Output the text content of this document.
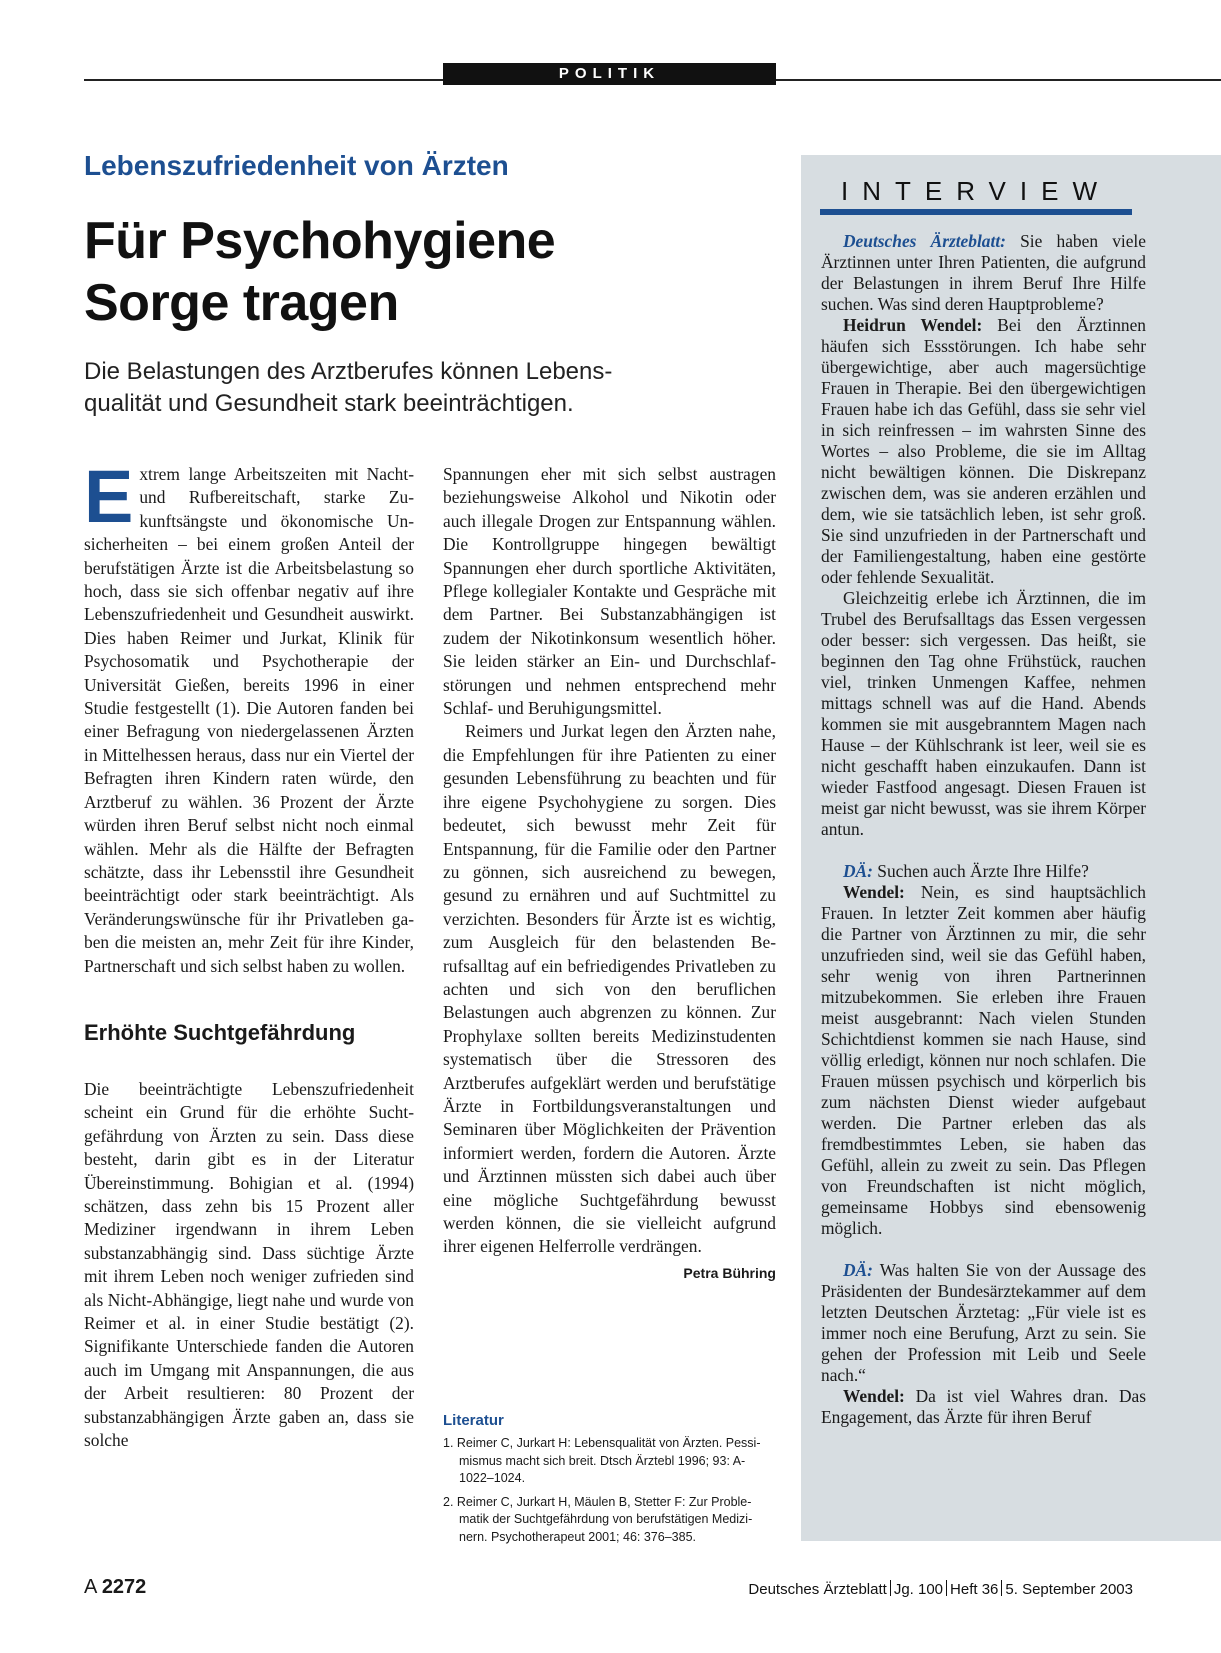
POLITIK
Lebenszufriedenheit von Ärzten
Für Psychohygiene Sorge tragen
Die Belastungen des Arztberufes können Lebensqualität und Gesundheit stark beeinträchtigen.

Extrem lange Arbeitszeiten mit Nacht- und Rufbereitschaft, starke Zukunftsängste und ökonomische Unsicherheiten – bei einem großen Anteil der berufstätigen Ärzte ist die Arbeitsbelastung so hoch, dass sie sich offenbar negativ auf ihre Lebenszufriedenheit und Gesundheit auswirkt. Dies haben Reimer und Jurkat, Klinik für Psychosomatik und Psychotherapie der Universität Gießen, bereits 1996 in einer Studie festgestellt (1). Die Autoren fanden bei einer Befragung von niedergelassenen Ärzten in Mittelhessen heraus, dass nur ein Viertel der Befragten ihren Kindern raten würde, den Arztberuf zu wählen. 36 Prozent der Ärzte würden ihren Beruf selbst nicht noch einmal wählen. Mehr als die Hälfte der Befragten schätzte, dass ihr Lebensstil ihre Gesundheit beeinträchtigt oder stark beeinträchtigt. Als Veränderungswünsche für ihr Privatleben gaben die meisten an, mehr Zeit für ihre Kinder, Partnerschaft und sich selbst haben zu wollen.

Erhöhte Suchtgefährdung

Die beeinträchtigte Lebenszufriedenheit scheint ein Grund für die erhöhte Suchtgefährdung von Ärzten zu sein. Dass diese besteht, darin gibt es in der Literatur Übereinstimmung. Bohigian et al. (1994) schätzen, dass zehn bis 15 Prozent aller Mediziner irgendwann in ihrem Leben substanzabhängig sind. Dass süchtige Ärzte mit ihrem Leben noch weniger zufrieden sind als Nicht-Abhängige, liegt nahe und wurde von Reimer et al. in einer Studie bestätigt (2). Signifikante Unterschiede fanden die Autoren auch im Umgang mit Anspannungen, die aus der Arbeit resultieren: 80 Prozent der substanzabhängigen Ärzte gaben an, dass sie solche

Spannungen eher mit sich selbst austragen beziehungsweise Alkohol und Nikotin oder auch illegale Drogen zur Entspannung wählen. Die Kontrollgruppe hingegen bewältigt Spannungen eher durch sportliche Aktivitäten, Pflege kollegialer Kontakte und Gespräche mit dem Partner. Bei Substanzabhängigen ist zudem der Nikotinkonsum wesentlich höher. Sie leiden stärker an Ein- und Durchschlafstörungen und nehmen entsprechend mehr Schlaf- und Beruhigungsmittel.

Reimers und Jurkat legen den Ärzten nahe, die Empfehlungen für ihre Patienten zu einer gesunden Lebensführung zu beachten und für ihre eigene Psychohygiene zu sorgen. Dies bedeutet, sich bewusst mehr Zeit für Entspannung, für die Familie oder den Partner zu gönnen, sich ausreichend zu bewegen, gesund zu ernähren und auf Suchtmittel zu verzichten. Besonders für Ärzte ist es wichtig, zum Ausgleich für den belastenden Berufsalltag auf ein befriedigendes Privatleben zu achten und sich von den beruflichen Belastungen auch abgrenzen zu können. Zur Prophylaxe sollten bereits Medizinstudenten systematisch über die Stressoren des Arztberufes aufgeklärt werden und berufstätige Ärzte in Fortbildungsveranstaltungen und Seminaren über Möglichkeiten der Prävention informiert werden, fordern die Autoren. Ärzte und Ärztinnen müssten sich dabei auch über eine mögliche Suchtgefährdung bewusst werden können, die sie vielleicht aufgrund ihrer eigenen Helferrolle verdrängen.
Petra Bühring

Literatur
1. Reimer C, Jurkart H: Lebensqualität von Ärzten. Pessimismus macht sich breit. Dtsch Ärztebl 1996; 93: A-1022–1024.
2. Reimer C, Jurkart H, Mäulen B, Stetter F: Zur Problematik der Suchtgefährdung von berufstätigen Medizinern. Psychotherapeut 2001; 46: 376–385.
INTERVIEW

Deutsches Ärzteblatt: Sie haben viele Ärztinnen unter Ihren Patienten, die aufgrund der Belastungen in ihrem Beruf Ihre Hilfe suchen. Was sind deren Hauptprobleme?

Heidrun Wendel: Bei den Ärztinnen häufen sich Essstörungen. Ich habe sehr übergewichtige, aber auch magersüchtige Frauen in Therapie. Bei den übergewichtigen Frauen habe ich das Gefühl, dass sie sehr viel in sich reinfressen – im wahrsten Sinne des Wortes – also Probleme, die sie im Alltag nicht bewältigen können. Die Diskrepanz zwischen dem, was sie anderen erzählen und dem, wie sie tatsächlich leben, ist sehr groß. Sie sind unzufrieden in der Partnerschaft und der Familiengestaltung, haben eine gestörte oder fehlende Sexualität.

Gleichzeitig erlebe ich Ärztinnen, die im Trubel des Berufsalltags das Essen vergessen oder besser: sich vergessen. Das heißt, sie beginnen den Tag ohne Frühstück, rauchen viel, trinken Unmengen Kaffee, nehmen mittags schnell was auf die Hand. Abends kommen sie mit ausgebranntem Magen nach Hause – der Kühlschrank ist leer, weil sie es nicht geschafft haben einzukaufen. Dann ist wieder Fastfood angesagt. Diesen Frauen ist meist gar nicht bewusst, was sie ihrem Körper antun.

DÄ: Suchen auch Ärzte Ihre Hilfe?

Wendel: Nein, es sind hauptsächlich Frauen. In letzter Zeit kommen aber häufig die Partner von Ärztinnen zu mir, die sehr unzufrieden sind, weil sie das Gefühl haben, sehr wenig von ihren Partnerinnen mitzubekommen. Sie erleben ihre Frauen meist ausgebrannt: Nach vielen Stunden Schichtdienst kommen sie nach Hause, sind völlig erledigt, können nur noch schlafen. Die Frauen müssen psychisch und körperlich bis zum nächsten Dienst wieder aufgebaut werden. Die Partner erleben das als fremdbestimmtes Leben, sie haben das Gefühl, allein zu zweit zu sein. Das Pflegen von Freundschaften ist nicht möglich, gemeinsame Hobbys sind ebensowenig möglich.

DÄ: Was halten Sie von der Aussage des Präsidenten der Bundesärztekammer auf dem letzten Deutschen Ärztetag: „Für viele ist es immer noch eine Berufung, Arzt zu sein. Sie gehen der Profession mit Leib und Seele nach.“

Wendel: Da ist viel Wahres dran. Das Engagement, das Ärzte für ihren Beruf

A 2272	Deutsches Ärzteblatt Jg. 100 Heft 36 5. September 2003
